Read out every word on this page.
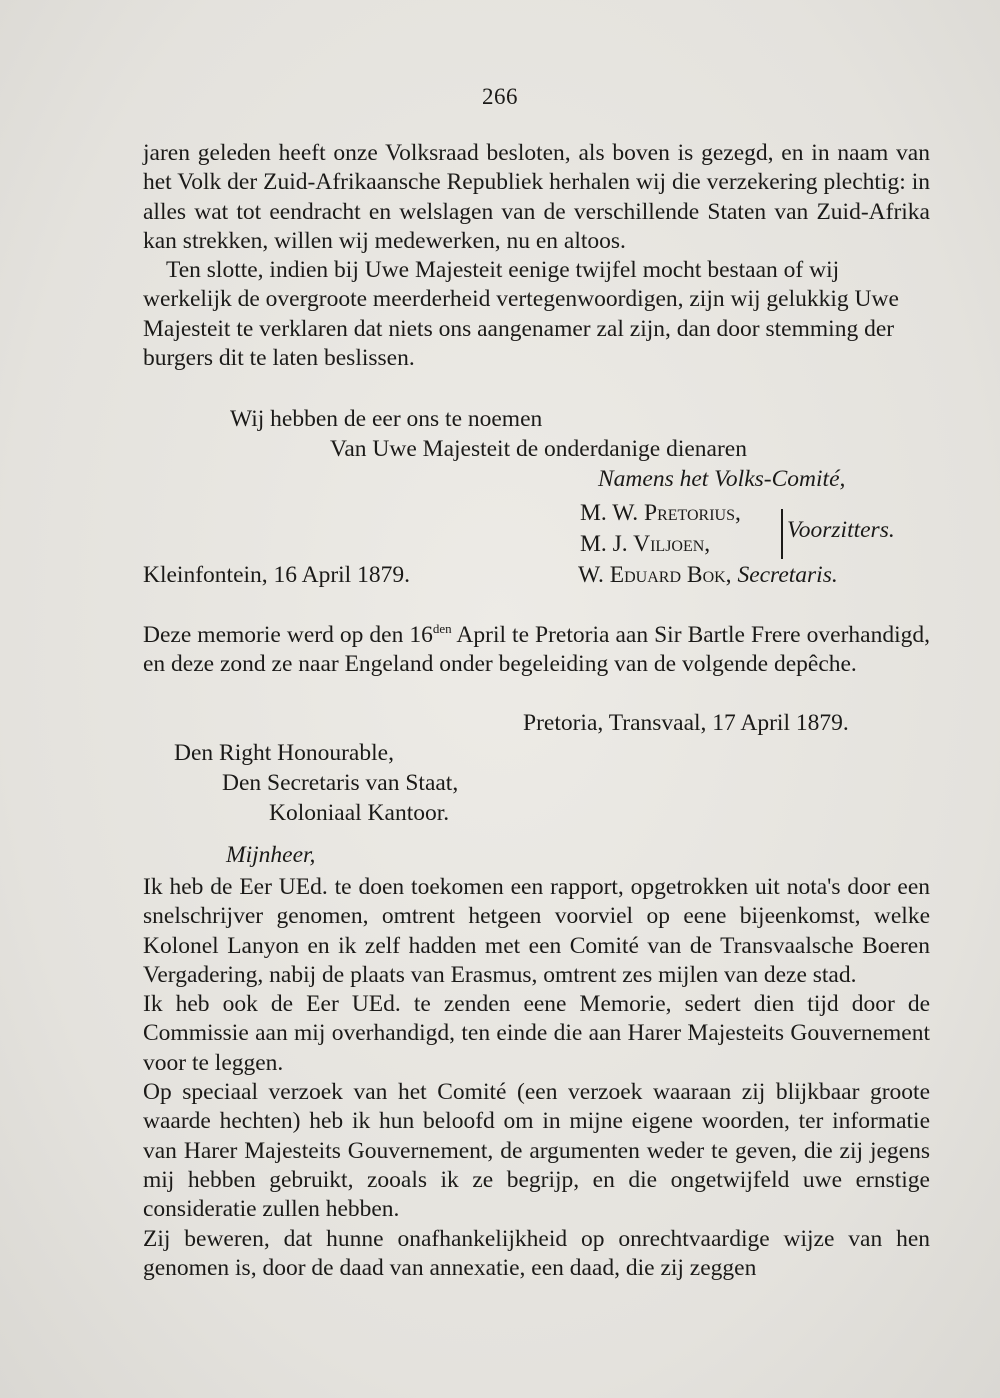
266

jaren geleden heeft onze Volksraad besloten, als boven is gezegd, en in naam van het Volk der Zuid-Afrikaansche Republiek herhalen wij die verzekering plechtig: in alles wat tot eendracht en welslagen van de verschillende Staten van Zuid-Afrika kan strekken, willen wij medewerken, nu en altoos.

Ten slotte, indien bij Uwe Majesteit eenige twijfel mocht bestaan of wij werkelijk de overgroote meerderheid vertegenwoordigen, zijn wij gelukkig Uwe Majesteit te verklaren dat niets ons aangenamer zal zijn, dan door stemming der burgers dit te laten beslissen.

Wij hebben de eer ons te noemen
Van Uwe Majesteit de onderdanige dienaren
Namens het Volks-Comité,
M. W. Pretorius,
M. J. Viljoen,
Voorzitters.
Kleinfontein, 16 April 1879.	W. Eduard Bok, Secretaris.

Deze memorie werd op den $16^{den}$ April te Pretoria aan Sir Bartle Frere overhandigd, en deze zond ze naar Engeland onder begeleiding van de volgende depêche.

Pretoria, Transvaal, 17 April 1879.
Den Right Honourable,
Den Secretaris van Staat,
Koloniaal Kantoor.
Mijnheer,

Ik heb de Eer UEd. te doen toekomen een rapport, opgetrokken uit nota's door een snelschrijver genomen, omtrent hetgeen voorviel op eene bijeenkomst, welke Kolonel Lanyon en ik zelf hadden met een Comité van de Transvaalsche Boeren Vergadering, nabij de plaats van Erasmus, omtrent zes mijlen van deze stad.

Ik heb ook de Eer UEd. te zenden eene Memorie, sedert dien tijd door de Commissie aan mij overhandigd, ten einde die aan Harer Majesteits Gouvernement voor te leggen.

Op speciaal verzoek van het Comité (een verzoek waaraan zij blijkbaar groote waarde hechten) heb ik hun beloofd om in mijne eigene woorden, ter informatie van Harer Majesteits Gouvernement, de argumenten weder te geven, die zij jegens mij hebben gebruikt, zooals ik ze begrijp, en die ongetwijfeld uwe ernstige consideratie zullen hebben.

Zij beweren, dat hunne onafhankelijkheid op onrechtvaardige wijze van hen genomen is, door de daad van annexatie, een daad, die zij zeggen
